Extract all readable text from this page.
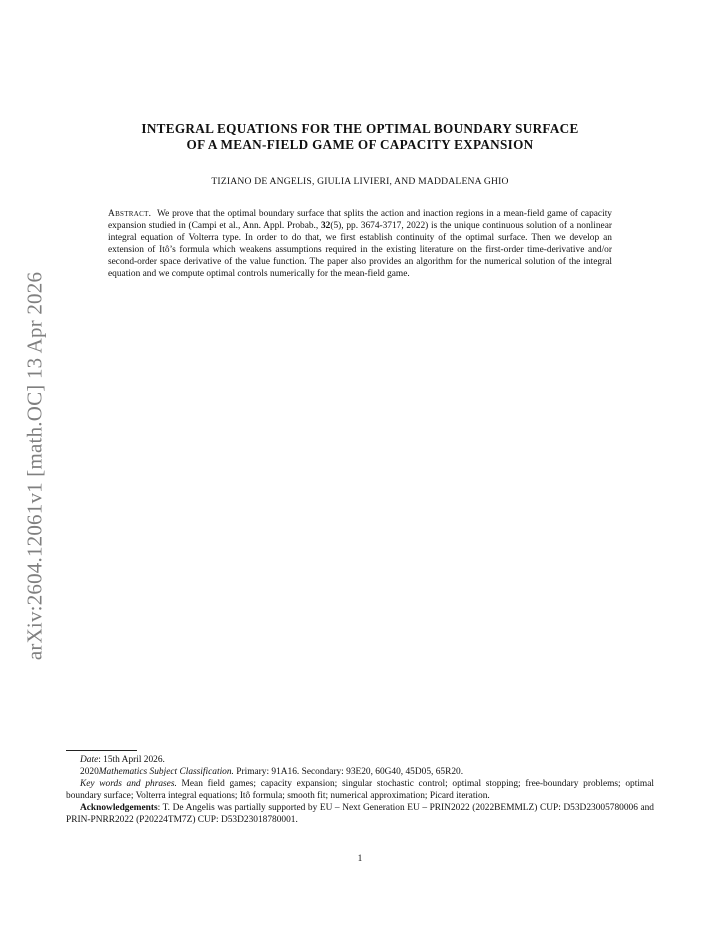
arXiv:2604.12061v1 [math.OC] 13 Apr 2026
INTEGRAL EQUATIONS FOR THE OPTIMAL BOUNDARY SURFACE
OF A MEAN-FIELD GAME OF CAPACITY EXPANSION
TIZIANO DE ANGELIS, GIULIA LIVIERI, AND MADDALENA GHIO
Abstract. We prove that the optimal boundary surface that splits the action and inaction regions in a mean-field game of capacity expansion studied in (Campi et al., Ann. Appl. Probab., 32(5), pp. 3674-3717, 2022) is the unique continuous solution of a nonlinear integral equation of Volterra type. In order to do that, we first establish continuity of the optimal surface. Then we develop an extension of Itô’s formula which weakens assumptions required in the existing literature on the first-order time-derivative and/or second-order space derivative of the value function. The paper also provides an algorithm for the numerical solution of the integral equation and we compute optimal controls numerically for the mean-field game.

Date: 15th April 2026.

2020Mathematics Subject Classification. Primary: 91A16. Secondary: 93E20, 60G40, 45D05, 65R20.

Key words and phrases. Mean field games; capacity expansion; singular stochastic control; optimal stopping; free-boundary problems; optimal boundary surface; Volterra integral equations; Itô formula; smooth fit; numerical approximation; Picard iteration.

Acknowledgements: T. De Angelis was partially supported by EU – Next Generation EU – PRIN2022 (2022BEMMLZ) CUP: D53D23005780006 and PRIN-PNRR2022 (P20224TM7Z) CUP: D53D23018780001.

1
